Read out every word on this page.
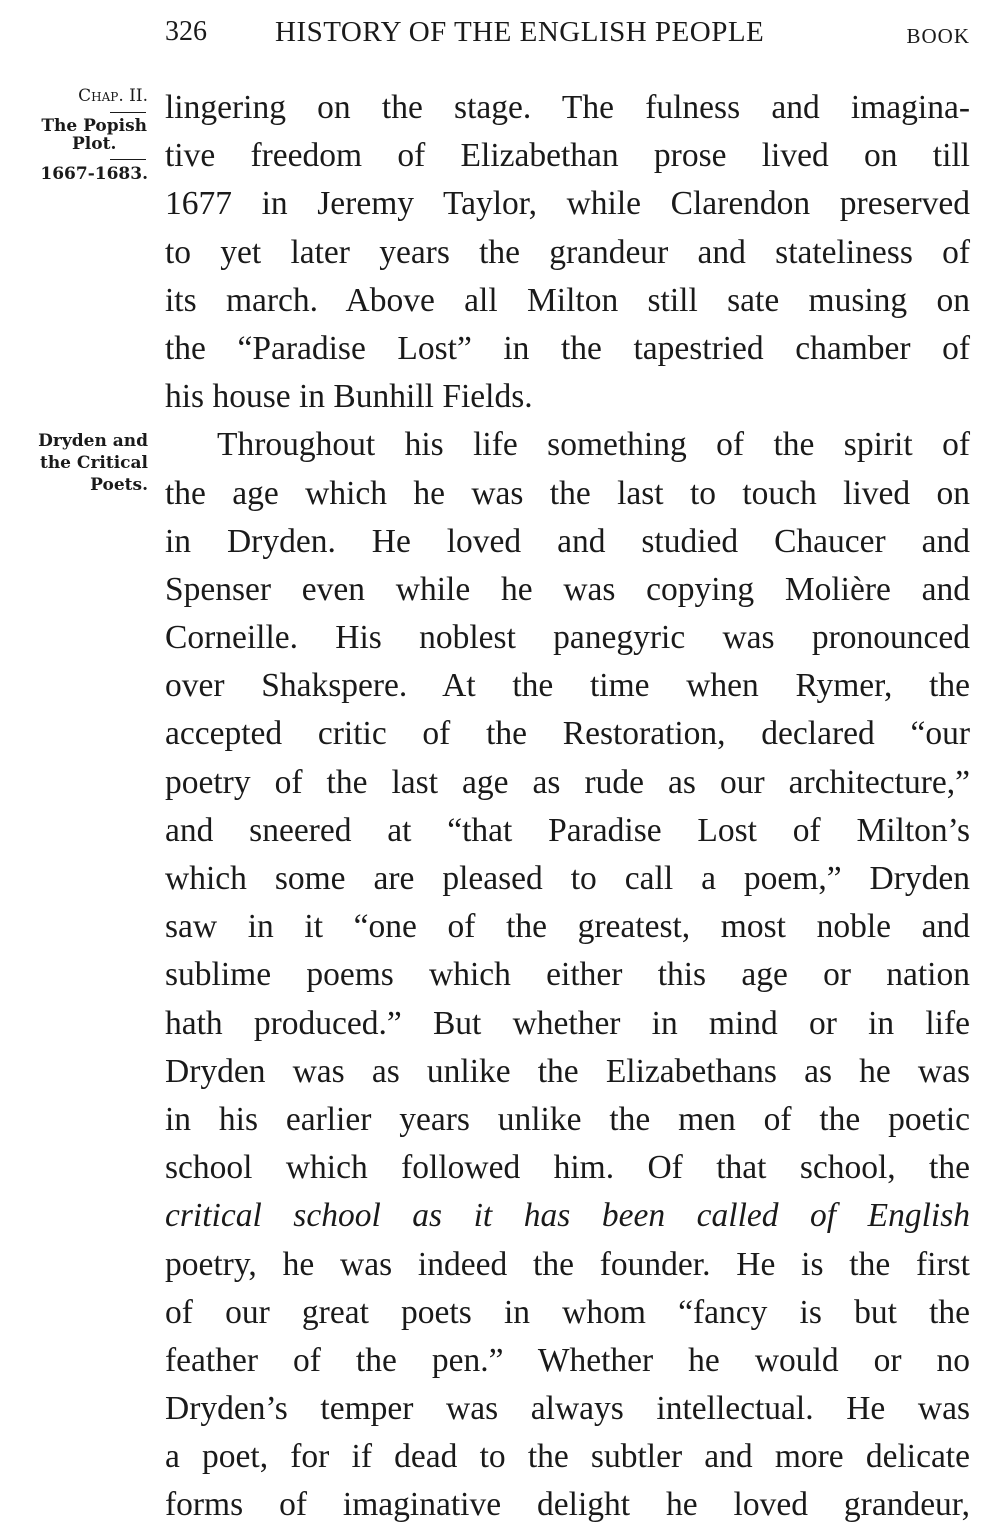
326 HISTORY OF THE ENGLISH PEOPLE	BOOK
Chap. II.
The Popish
Plot.
1667-1683.
Dryden and
the Critical
Poets.
lingering on the stage. The fulness and imagina-
tive freedom of Elizabethan prose lived on till
1677 in Jeremy Taylor, while Clarendon preserved
to yet later years the grandeur and stateliness of
its march. Above all Milton still sate musing on
the “Paradise Lost” in the tapestried chamber of
his house in Bunhill Fields.
Throughout his life something of the spirit of
the age which he was the last to touch lived on
in Dryden. He loved and studied Chaucer and
Spenser even while he was copying Molière and
Corneille. His noblest panegyric was pronounced
over Shakspere. At the time when Rymer, the
accepted critic of the Restoration, declared “our
poetry of the last age as rude as our architecture,”
and sneered at “that Paradise Lost of Milton’s
which some are pleased to call a poem,” Dryden
saw in it “one of the greatest, most noble and
sublime poems which either this age or nation
hath produced.” But whether in mind or in life
Dryden was as unlike the Elizabethans as he was
in his earlier years unlike the men of the poetic
school which followed him. Of that school, the
critical school as it has been called of English
poetry, he was indeed the founder. He is the first
of our great poets in whom “fancy is but the
feather of the pen.” Whether he would or no
Dryden’s temper was always intellectual. He was
a poet, for if dead to the subtler and more delicate
forms of imaginative delight he loved grandeur,
